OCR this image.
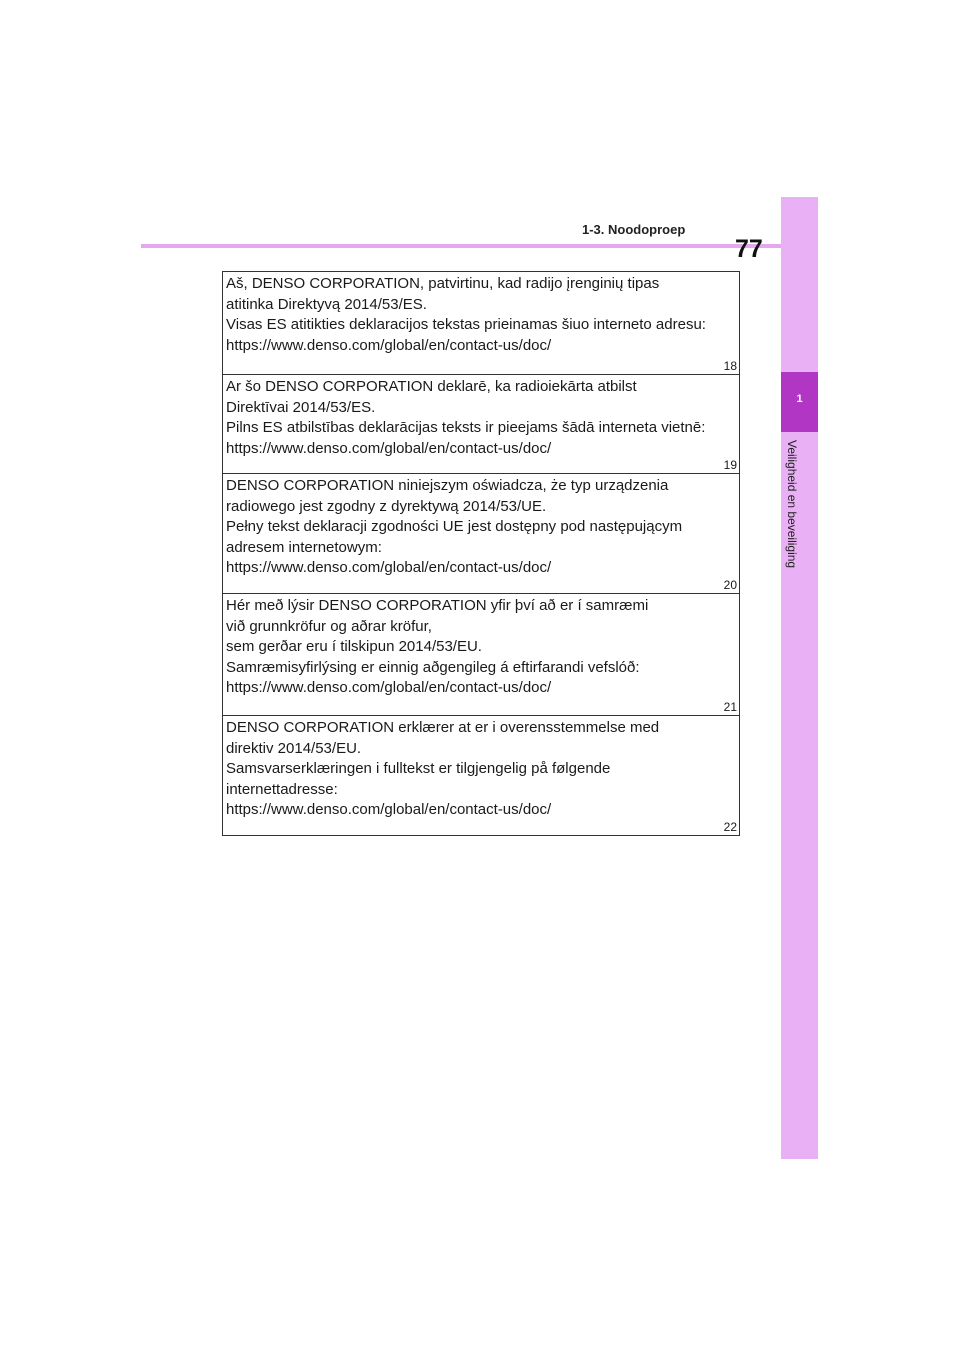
1-3. Noodoproep
77
1
Veiligheid en beveiliging
Aš, DENSO CORPORATION, patvirtinu, kad radijo įrenginių tipas
atitinka Direktyvą 2014/53/ES.
Visas ES atitikties deklaracijos tekstas prieinamas šiuo interneto adresu:
https://www.denso.com/global/en/contact-us/doc/
18
Ar šo DENSO CORPORATION deklarē, ka radioiekārta atbilst
Direktīvai 2014/53/ES.
Pilns ES atbilstības deklarācijas teksts ir pieejams šādā interneta vietnē:
https://www.denso.com/global/en/contact-us/doc/
19
DENSO CORPORATION niniejszym oświadcza, że typ urządzenia
radiowego jest zgodny z dyrektywą 2014/53/UE.
Pełny tekst deklaracji zgodności UE jest dostępny pod następującym
adresem internetowym:
https://www.denso.com/global/en/contact-us/doc/
20
Hér með lýsir DENSO CORPORATION yfir því að er í samræmi
við grunnkröfur og aðrar kröfur,
sem gerðar eru í tilskipun 2014/53/EU.
Samræmisyfirlýsing er einnig aðgengileg á eftirfarandi vefslóð:
https://www.denso.com/global/en/contact-us/doc/
21
DENSO CORPORATION erklærer at er i overensstemmelse med
direktiv 2014/53/EU.
Samsvarserklæringen i fulltekst er tilgjengelig på følgende
internettadresse:
https://www.denso.com/global/en/contact-us/doc/
22
